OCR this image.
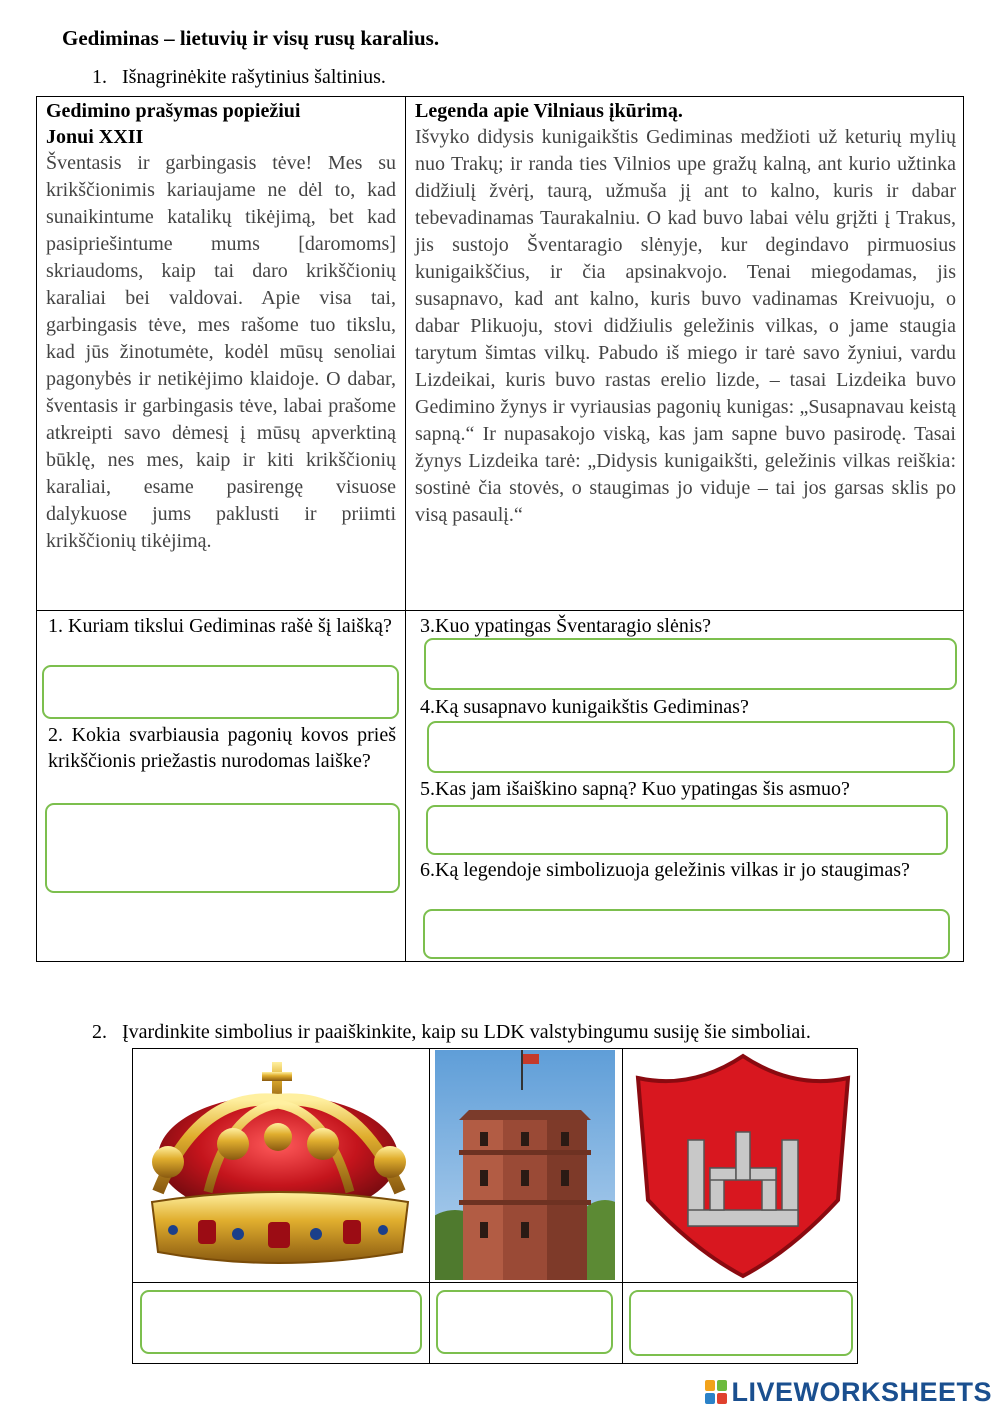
Gediminas – lietuvių ir visų rusų karalius.
1. Išnagrinėkite rašytinius šaltinius.
Gedimino prašymas popiežiui
Jonui XXII
Šventasis ir garbingasis tėve! Mes su krikščionimis kariaujame ne dėl to, kad sunaikintume katalikų tikėjimą, bet kad pasipriešintume mums [daromoms] skriaudoms, kaip tai daro krikščionių karaliai bei valdovai. Apie visa tai, garbingasis tėve, mes rašome tuo tikslu, kad jūs žinotumėte, kodėl mūsų senoliai pagonybės ir netikėjimo klaidoje. O dabar, šventasis ir garbingasis tėve, labai prašome atkreipti savo dėmesį į mūsų apverktiną būklę, nes mes, kaip ir kiti krikščionių karaliai, esame pasirengę visuose dalykuose jums paklusti ir priimti krikščionių tikėjimą.
Legenda apie Vilniaus įkūrimą.
Išvyko didysis kunigaikštis Gediminas medžioti už keturių mylių nuo Trakų; ir randa ties Vilnios upe gražų kalną, ant kurio užtinka didžiulį žvėrį, taurą, užmuša jį ant to kalno, kuris ir dabar tebevadinamas Taurakalniu. O kad buvo labai vėlu grįžti į Trakus, jis sustojo Šventaragio slėnyje, kur degindavo pirmuosius kunigaikščius, ir čia apsinakvojo. Tenai miegodamas, jis susapnavo, kad ant kalno, kuris buvo vadinamas Kreivuoju, o dabar Plikuoju, stovi didžiulis geležinis vilkas, o jame staugia tarytum šimtas vilkų. Pabudo iš miego ir tarė savo žyniui, vardu Lizdeikai, kuris buvo rastas erelio lizde, – tasai Lizdeika buvo Gedimino žynys ir vyriausias pagonių kunigas: „Susapnavau keistą sapną.“ Ir nupasakojo viską, kas jam sapne buvo pasirodę. Tasai žynys Lizdeika tarė: „Didysis kunigaikšti, geležinis vilkas reiškia: sostinė čia stovės, o staugimas jo viduje – tai jos garsas sklis po visą pasaulį.“
1. Kuriam tikslui Gediminas rašė šį laišką?
2. Kokia svarbiausia pagonių kovos prieš krikščionis priežastis nurodomas laiške?
3.Kuo ypatingas Šventaragio slėnis?
4.Ką susapnavo kunigaikštis Gediminas?
5.Kas jam išaiškino sapną? Kuo ypatingas šis asmuo?
6.Ką legendoje simbolizuoja geležinis vilkas ir jo staugimas?
2. Įvardinkite simbolius ir paaiškinkite, kaip su LDK valstybingumu susiję šie simboliai.
LIVEWORKSHEETS
